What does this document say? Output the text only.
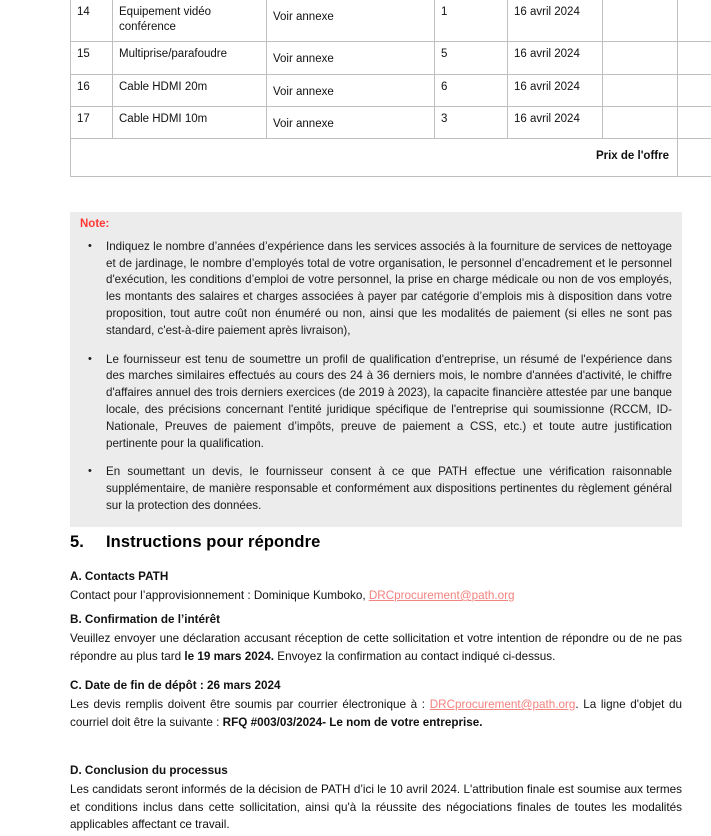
14	Equipement vidéo conférence	Voir annexe	1	16 avril 2024		
15	Multiprise/parafoudre	Voir annexe	5	16 avril 2024		
16	Cable HDMI 20m	Voir annexe	6	16 avril 2024		
17	Cable HDMI 10m	Voir annexe	3	16 avril 2024		
Prix de l'offre						
Note:
• Indiquez le nombre d’années d’expérience dans les services associés à la fourniture de services de nettoyage et de jardinage, le nombre d’employés total de votre organisation, le personnel d’encadrement et le personnel d'exécution, les conditions d’emploi de votre personnel, la prise en charge médicale ou non de vos employés, les montants des salaires et charges associées à payer par catégorie d’emplois mis à disposition dans votre proposition, tout autre coût non énuméré ou non, ainsi que les modalités de paiement (si elles ne sont pas standard, c'est-à-dire paiement après livraison),
• Le fournisseur est tenu de soumettre un profil de qualification d'entreprise, un résumé de l'expérience dans des marches similaires effectués au cours des 24 à 36 derniers mois, le nombre d'années d'activité, le chiffre d'affaires annuel des trois derniers exercices (de 2019 à 2023), la capacite financière attestée par une banque locale, des précisions concernant l'entité juridique spécifique de l'entreprise qui soumissionne (RCCM, ID-Nationale, Preuves de paiement d’impôts, preuve de paiement a CSS, etc.) et toute autre justification pertinente pour la qualification.
• En soumettant un devis, le fournisseur consent à ce que PATH effectue une vérification raisonnable supplémentaire, de manière responsable et conformément aux dispositions pertinentes du règlement général sur la protection des données.
5. Instructions pour répondre
A. Contacts PATH

Contact pour l’approvisionnement : Dominique Kumboko, DRCprocurement@path.org

B. Confirmation de l’intérêt

Veuillez envoyer une déclaration accusant réception de cette sollicitation et votre intention de répondre ou de ne pas répondre au plus tard le 19 mars 2024. Envoyez la confirmation au contact indiqué ci-dessus.

C. Date de fin de dépôt : 26 mars 2024

Les devis remplis doivent être soumis par courrier électronique à : DRCprocurement@path.org. La ligne d'objet du courriel doit être la suivante : RFQ #003/03/2024- Le nom de votre entreprise.

D. Conclusion du processus

Les candidats seront informés de la décision de PATH d’ici le 10 avril 2024. L'attribution finale est soumise aux termes et conditions inclus dans cette sollicitation, ainsi qu'à la réussite des négociations finales de toutes les modalités applicables affectant ce travail.
